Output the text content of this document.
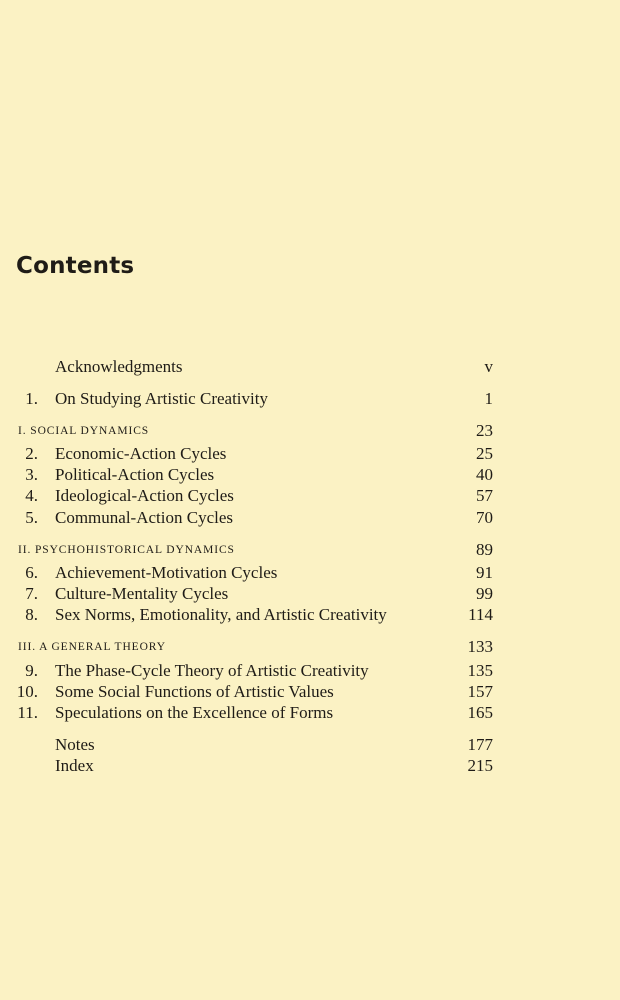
Contents
Acknowledgments	v
1. On Studying Artistic Creativity	1
I. SOCIAL DYNAMICS	23
2. Economic-Action Cycles	25
3. Political-Action Cycles	40
4. Ideological-Action Cycles	57
5. Communal-Action Cycles	70
II. PSYCHOHISTORICAL DYNAMICS	89
6. Achievement-Motivation Cycles	91
7. Culture-Mentality Cycles	99
8. Sex Norms, Emotionality, and Artistic Creativity	114
III. A GENERAL THEORY	133
9. The Phase-Cycle Theory of Artistic Creativity	135
10. Some Social Functions of Artistic Values	157
11. Speculations on the Excellence of Forms	165
Notes	177
Index	215
